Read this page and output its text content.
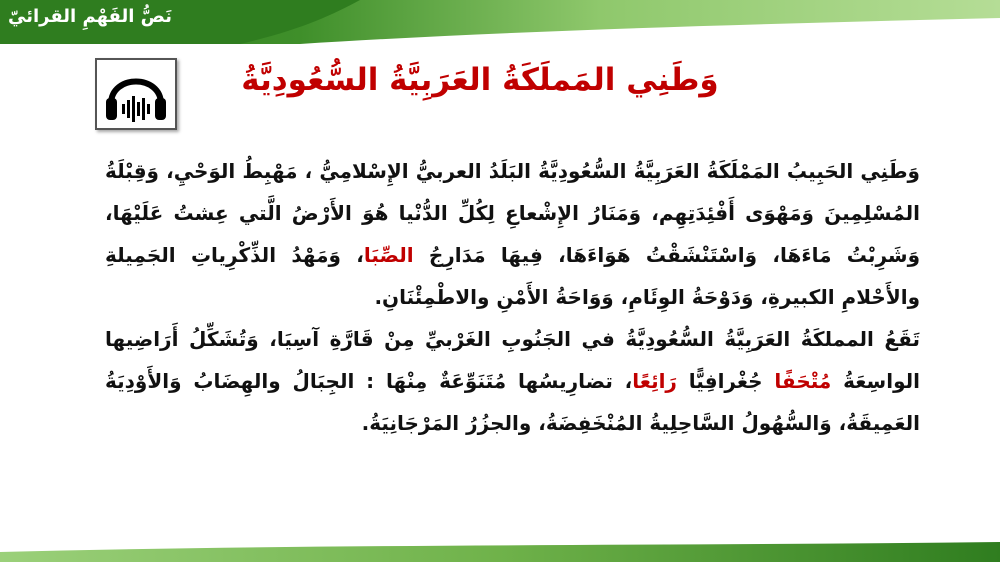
نَصُّ الفَهْمِ القرائيّ
وَطَنِي المَملَكَةُ العَرَبِيَّةُ السُّعُودِيَّةُ

وَطَنِي الحَبِيبُ المَمْلَكَةُ العَرَبِيَّةُ السُّعُودِيَّةُ البَلَدُ العربيُّ الإِسْلامِيُّ ، مَهْبِطُ الوَحْيِ، وَقِبْلَةُ المُسْلِمِينَ وَمَهْوَى أَفْئِدَتِهِم، وَمَنَارُ الإِشْعاعِ لِكُلِّ الدُّنْيا هُوَ الأَرْضُ الَّتي عِشتُ عَلَيْهَا، وَشَرِبْتُ مَاءَهَا، وَاسْتَنْشَقْتُ هَوَاءَهَا، فِيهَا مَدَارِجُ الصِّبَا، وَمَهْدُ الذِّكْرِياتِ الجَمِيلةِ والأَحْلامِ الكبيرةِ، وَدَوْحَةُ الوِئَامِ، وَوَاحَةُ الأَمْنِ والاطْمِئْنَانِ.

تَقَعُ المملكَةُ العَرَبِيَّةُ السُّعُودِيَّةُ في الجَنُوبِ الغَرْبيِّ مِنْ قَارَّةِ آسِيَا، وَتُشَكِّلُ أَرَاضِيها الواسِعَةُ مُتْحَفًا جُغْرافِيًّا رَائِعًا، تضارِيسُها مُتَنَوِّعَةٌ مِنْهَا : الجِبَالُ والهِضَابُ وَالأَوْدِيَةُ العَمِيقَةُ، وَالسُّهُولُ السَّاحِلِيةُ المُنْخَفِضَةُ، والجزُرُ المَرْجَانِيَةُ.
